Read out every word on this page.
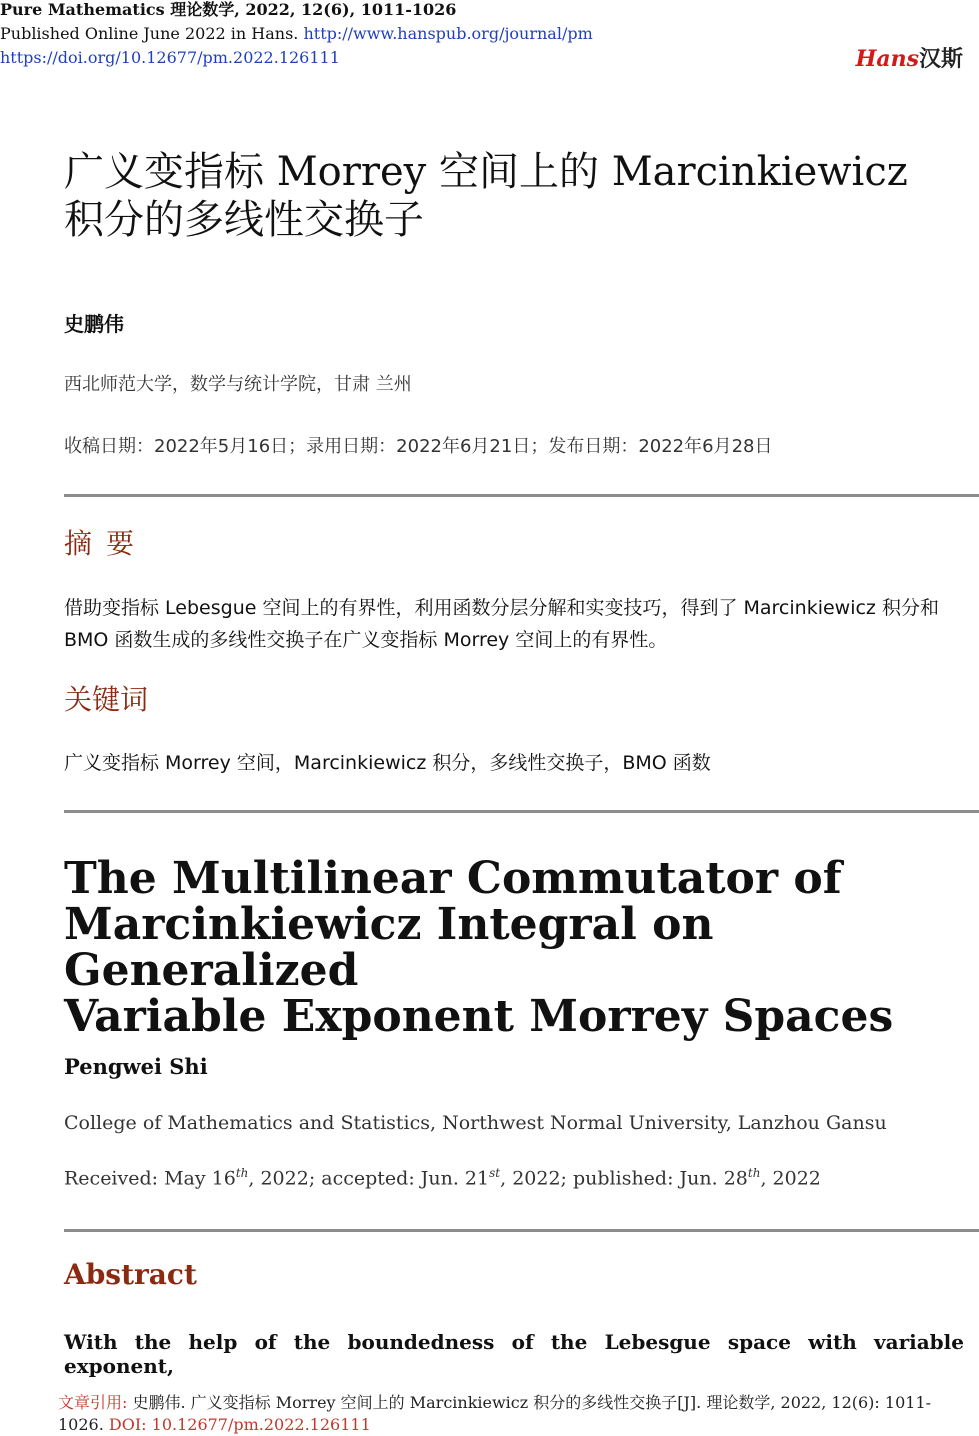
Pure Mathematics 理论数学, 2022, 12(6), 1011-1026
Published Online June 2022 in Hans. http://www.hanspub.org/journal/pm
https://doi.org/10.12677/pm.2022.126111	Hans汉斯
广义变指标 Morrey 空间上的 Marcinkiewicz
积分的多线性交换子
史鹏伟
西北师范大学，数学与统计学院，甘肃 兰州
收稿日期：2022年5月16日；录用日期：2022年6月21日；发布日期：2022年6月28日
摘要
借助变指标 Lebesgue 空间上的有界性，利用函数分层分解和实变技巧，得到了 Marcinkiewicz 积分和 BMO 函数生成的多线性交换子在广义变指标 Morrey 空间上的有界性。
关键词
广义变指标 Morrey 空间，Marcinkiewicz 积分，多线性交换子，BMO 函数
The Multilinear Commutator of
Marcinkiewicz Integral on Generalized
Variable Exponent Morrey Spaces
Pengwei Shi
College of Mathematics and Statistics, Northwest Normal University, Lanzhou Gansu
Received: May 16th, 2022; accepted: Jun. 21st, 2022; published: Jun. 28th, 2022
Abstract
With the help of the boundedness of the Lebesgue space with variable exponent,
文章引用: 史鹏伟. 广义变指标 Morrey 空间上的 Marcinkiewicz 积分的多线性交换子[J]. 理论数学, 2022, 12(6): 1011-1026. DOI: 10.12677/pm.2022.126111
